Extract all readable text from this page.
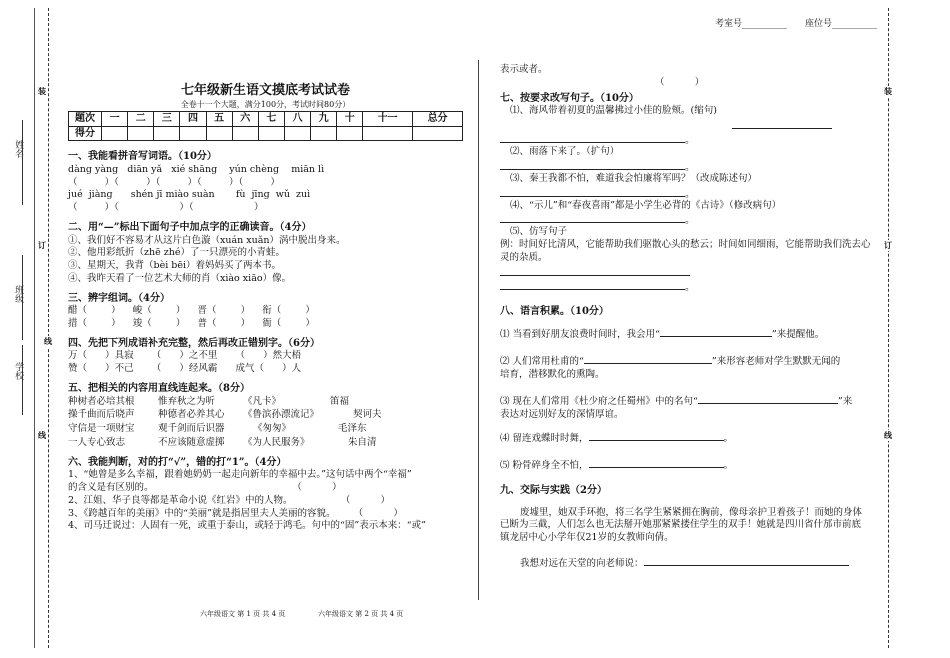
考室号__________ 座位号__________
姓名
班级
学校
装
订
线
线
装
订
线
七年级新生语文摸底考试试卷
全卷十一个大题，满分100分，考试时间80分）
题次	一	二	三	四	五	六	七	八	九	十	十一	总分
得分												
一、我能看拼音写词语。（10分）
dàng yàng   diān yǎ   xié shāng    yún chèng    miān lì
（         ）（         ）（         ）（         ）（         ）
jué  jiàng      shén jī miào suàn       fù  jīng  wǔ  zuì
（         ）（                    ）（                    ）
二、用“—”标出下面句子中加点字的正确读音。（4分）
①、我们好不容易才从这片白色漩（xuán xuǎn）涡中脱出身来。
②、他用彩纸折（zhē zhé）了一只漂亮的小青蛙。
③、星期天，我背（bèi bēi）着妈妈买了两本书。
④、我昨天看了一位艺术大师的肖（xiào xiāo）像。
三、辨字组词。（4分）
醋（        ）    峻（        ）    晋（        ）    衔（        ）
措（        ）    竣（        ）    普（        ）    衙（        ）
四、先把下列成语补充完整，然后再改正错别字。（6分）
万（      ）具寂      （      ）之不里      （      ）然大梧
赞（      ）不己      （      ）经风霸      成气（      ）人
五、把相关的内容用直线连起来。（8分）
种树者必培其根 惟弃秋之为听	《凡卡》	笛福
操千曲而后晓声 种德者必养其心 《鲁滨孙漂流记》	契诃夫
守信是一项财宝 观千剑而后识器	《匆匆》	毛泽东
一人专心致志	不应该随意虚掷 《为人民服务》	朱自清
六、我能判断，对的打“√”，错的打“1”。（4分）
1、“她曾是多么幸福，跟着她奶奶一起走向新年的幸福中去。”这句话中两个“幸福”
的含义是有区别的。                                              （          ）
2、江姐、华子良等都是革命小说《红岩》中的人物。                （          ）
3、《跨越百年的美丽》中的“美丽”就是指居里夫人美丽的容貌。      （          ）
4、司马迁说过：人固有一死，或重于泰山，或轻于鸿毛。句中的“固”表示本来：“或”
表示或者。
（          ）
七、按要求改写句子。（10分）
⑴、海风带着初夏的温馨拂过小佳的脸颊。(缩句)
。
⑵、雨落下来了。（扩句）
。
⑶、秦王我都不怕，难道我会怕廉将军吗？（改成陈述句）
。
⑷、“示儿”和“春夜喜雨”都是小学生必背的《古诗》（修改病句）
。
⑸、仿写句子
例：时间好比清风，它能帮助我们驱散心头的愁云；时间如同细雨，它能帮助我们洗去心
灵的杂质。
。
八、语言积累。（10分）
⑴ 当看到好朋友浪费时间时，我会用“	”来提醒他。
⑵ 人们常用杜甫的“	”来形容老师对学生默默无闻的
培育，潜移默化的熏陶。
⑶ 现在人们常用《杜少府之任蜀州》中的名句“	”来
表达对远别好友的深情厚谊。
⑷ 留连戏蝶时时舞，	。
⑸ 粉骨碎身全不怕，	。
九、交际与实践（2分）
废墟里，她双手环抱，将三名学生紧紧拥在胸前，像母亲护卫着孩子！而她的身体
已断为三截，人们怎么也无法掰开她那紧紧搂住学生的双手！她就是四川省什邡市前底
镇龙居中心小学年仅21岁的女教师向倩。
我想对远在天堂的向老师说：
六年级语文 第 1 页 共 4 页	六年级语文 第 2 页 共 4 页
